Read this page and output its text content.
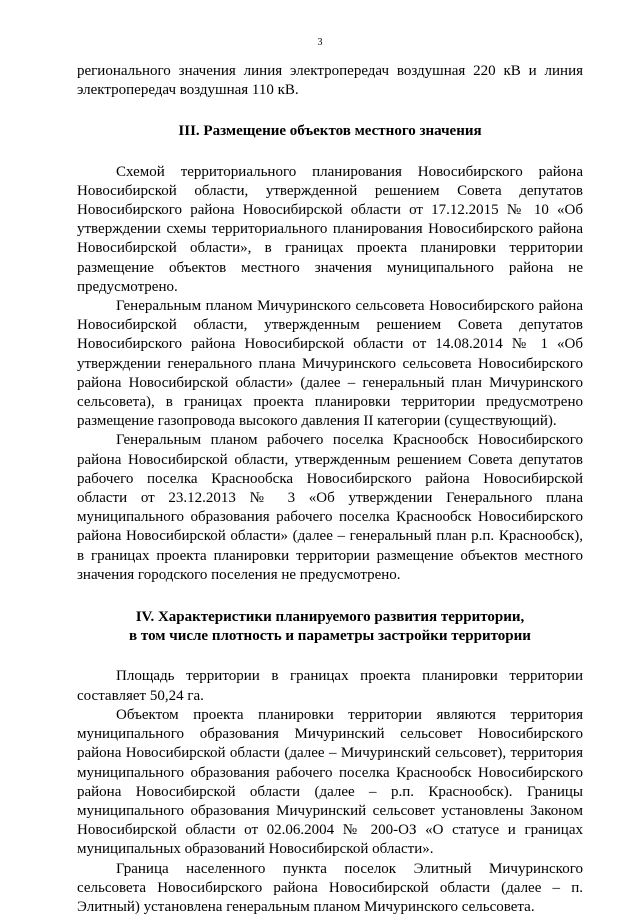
3

регионального значения линия электропередач воздушная 220 кВ и линия электропередач воздушная 110 кВ.

III. Размещение объектов местного значения

Схемой территориального планирования Новосибирского района Новосибирской области, утвержденной решением Совета депутатов Новосибирского района Новосибирской области от 17.12.2015 № 10 «Об утверждении схемы территориального планирования Новосибирского района Новосибирской области», в границах проекта планировки территории размещение объектов местного значения муниципального района не предусмотрено.

Генеральным планом Мичуринского сельсовета Новосибирского района Новосибирской области, утвержденным решением Совета депутатов Новосибирского района Новосибирской области от 14.08.2014 № 1 «Об утверждении генерального плана Мичуринского сельсовета Новосибирского района Новосибирской области» (далее – генеральный план Мичуринского сельсовета), в границах проекта планировки территории предусмотрено размещение газопровода высокого давления II категории (существующий).

Генеральным планом рабочего поселка Краснообск Новосибирского района Новосибирской области, утвержденным решением Совета депутатов рабочего поселка Краснообска Новосибирского района Новосибирской области от 23.12.2013 № 3 «Об утверждении Генерального плана муниципального образования рабочего поселка Краснообск Новосибирского района Новосибирской области» (далее – генеральный план р.п. Краснообск), в границах проекта планировки территории размещение объектов местного значения городского поселения не предусмотрено.

IV. Характеристики планируемого развития территории,
в том числе плотность и параметры застройки территории

Площадь территории в границах проекта планировки территории составляет 50,24 га.

Объектом проекта планировки территории являются территория муниципального образования Мичуринский сельсовет Новосибирского района Новосибирской области (далее – Мичуринский сельсовет), территория муниципального образования рабочего поселка Краснообск Новосибирского района Новосибирской области (далее – р.п. Краснообск). Границы муниципального образования Мичуринский сельсовет установлены Законом Новосибирской области от 02.06.2004 № 200-ОЗ «О статусе и границах муниципальных образований Новосибирской области».

Граница населенного пункта поселок Элитный Мичуринского сельсовета Новосибирского района Новосибирской области (далее – п. Элитный) установлена генеральным планом Мичуринского сельсовета.
